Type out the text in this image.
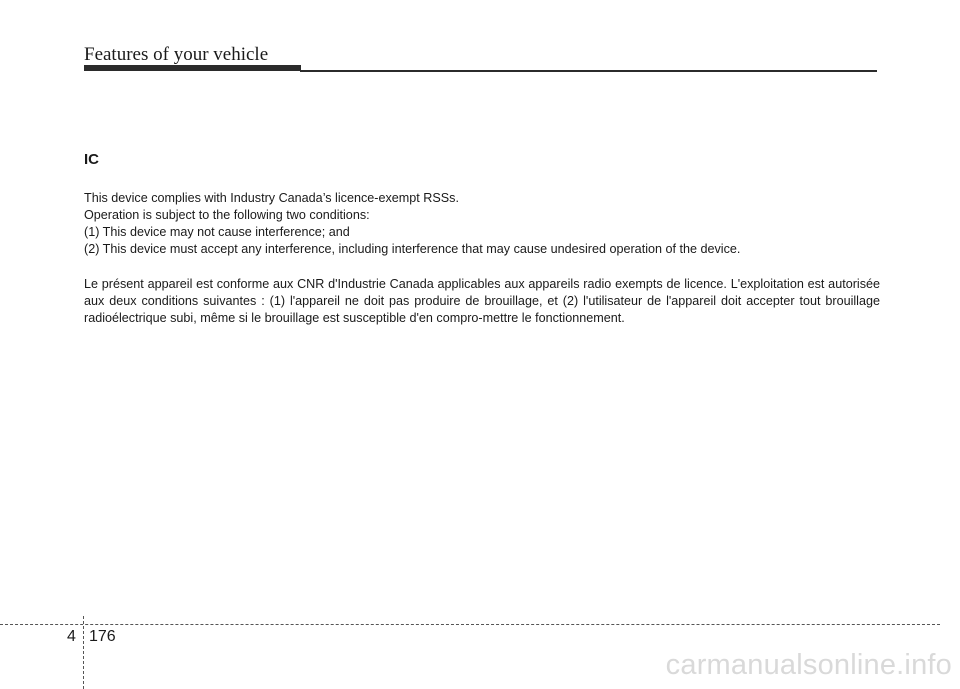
Features of your vehicle
IC

This device complies with Industry Canada’s licence-exempt RSSs.

Operation is subject to the following two conditions:

(1) This device may not cause interference; and

(2) This device must accept any interference, including interference that may cause undesired operation of the device.

Le présent appareil est conforme aux CNR d'Industrie Canada applicables aux appareils radio exempts de licence. L'exploitation est autorisée aux deux conditions suivantes : (1) l'appareil ne doit pas produire de brouillage, et (2) l'utilisateur de l'appareil doit accepter tout brouillage radioélectrique subi, même si le brouillage est susceptible d'en compro-mettre le fonctionnement.

4 176
carmanualsonline.info
